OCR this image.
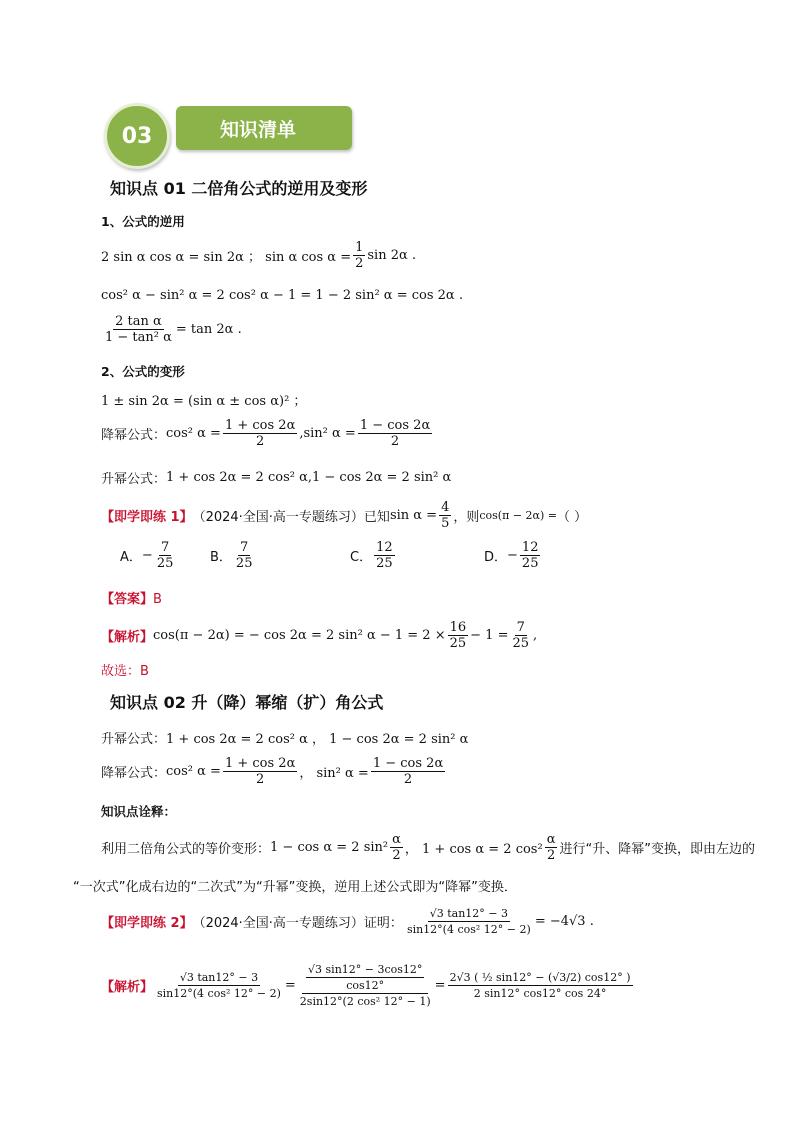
03	知识清单
知识点 01 二倍角公式的逆用及变形
1、公式的逆用
2 sin α cos α = sin 2α ； sin α $\cos \alpha = \frac{1}{2}$ sin 2α .
cos² α − sin² α = 2 cos² α − 1 = 1 − 2 sin² α = cos 2α .
$\frac{\text{2 tan α}}{\text{1 − tan² α}} = \tan 2\alpha$ .
2、公式的变形
1 ± sin 2α = (sin α ± cos α)² ；
降幂公式： cos² $\alpha = \frac{1 + \cos 2\alpha}{2} ,\sin^2$ $\alpha = \frac{1 - \cos 2\alpha}{2}$
升幂公式： 1 + cos 2α = 2 cos² α,1 − cos 2α = 2 sin² α
【即学即练 1】 （2024·全国·高一专题练习）已知 $\sin \alpha = \frac{4}{5}$ ，则 cos(π − 2α) = （ ）
A． − $\frac{7}{25}$	B． $\frac{7}{25}$	C． $\frac{12}{25}$	D． − $\frac{12}{25}$
【答案】B
【解析】 cos(π − 2α) = − cos 2α = 2 sin² $\alpha - 1 = 2 \times \frac{16}{25} - 1 = \frac{7}{25}$ ,
故选：B
知识点 02 升（降）幂缩（扩）角公式
升幂公式： 1 + cos 2α = 2 cos² α ， 1 − cos 2α = 2 sin² α
降幂公式： cos² $\alpha = \frac{1 + \cos 2\alpha}{2}$ ， sin² $\alpha = \frac{1 - \cos 2\alpha}{2}$
知识点诠释：
利用二倍角公式的等价变形： 1 − cos α = 2 $\sin^2 \frac{\alpha}{2}$ ， 1 + cos α = 2 $\cos^2 \frac{\alpha}{2}$ 进行“升、降幂”变换，即由左边的
“一次式”化成右边的“二次式”为“升幂”变换，逆用上述公式即为“降幂”变换．
【即学即练 2】 （2024·全国·高一专题练习）证明： $\frac{√3 \tan 12^\circ - 3}{\text{sin12°(4 cos² 12° − 2)}} = -4√3$ .
【解析】 $\frac{√3 \tan 12^\circ - 3}{\text{sin12°(4 cos² 12° − 2)}} = \frac{\frac{√3 \sin 12^\circ - 3\cos 12^\circ}{\cos 12^\circ}}{\text{2sin12°(2 cos² 12° − 1)}} = \frac{\text{2√3 ( ½ sin12° − (√3/2) cos12° )}}{2 \sin 12^\circ \cos 12^\circ \cos 24^\circ}$
